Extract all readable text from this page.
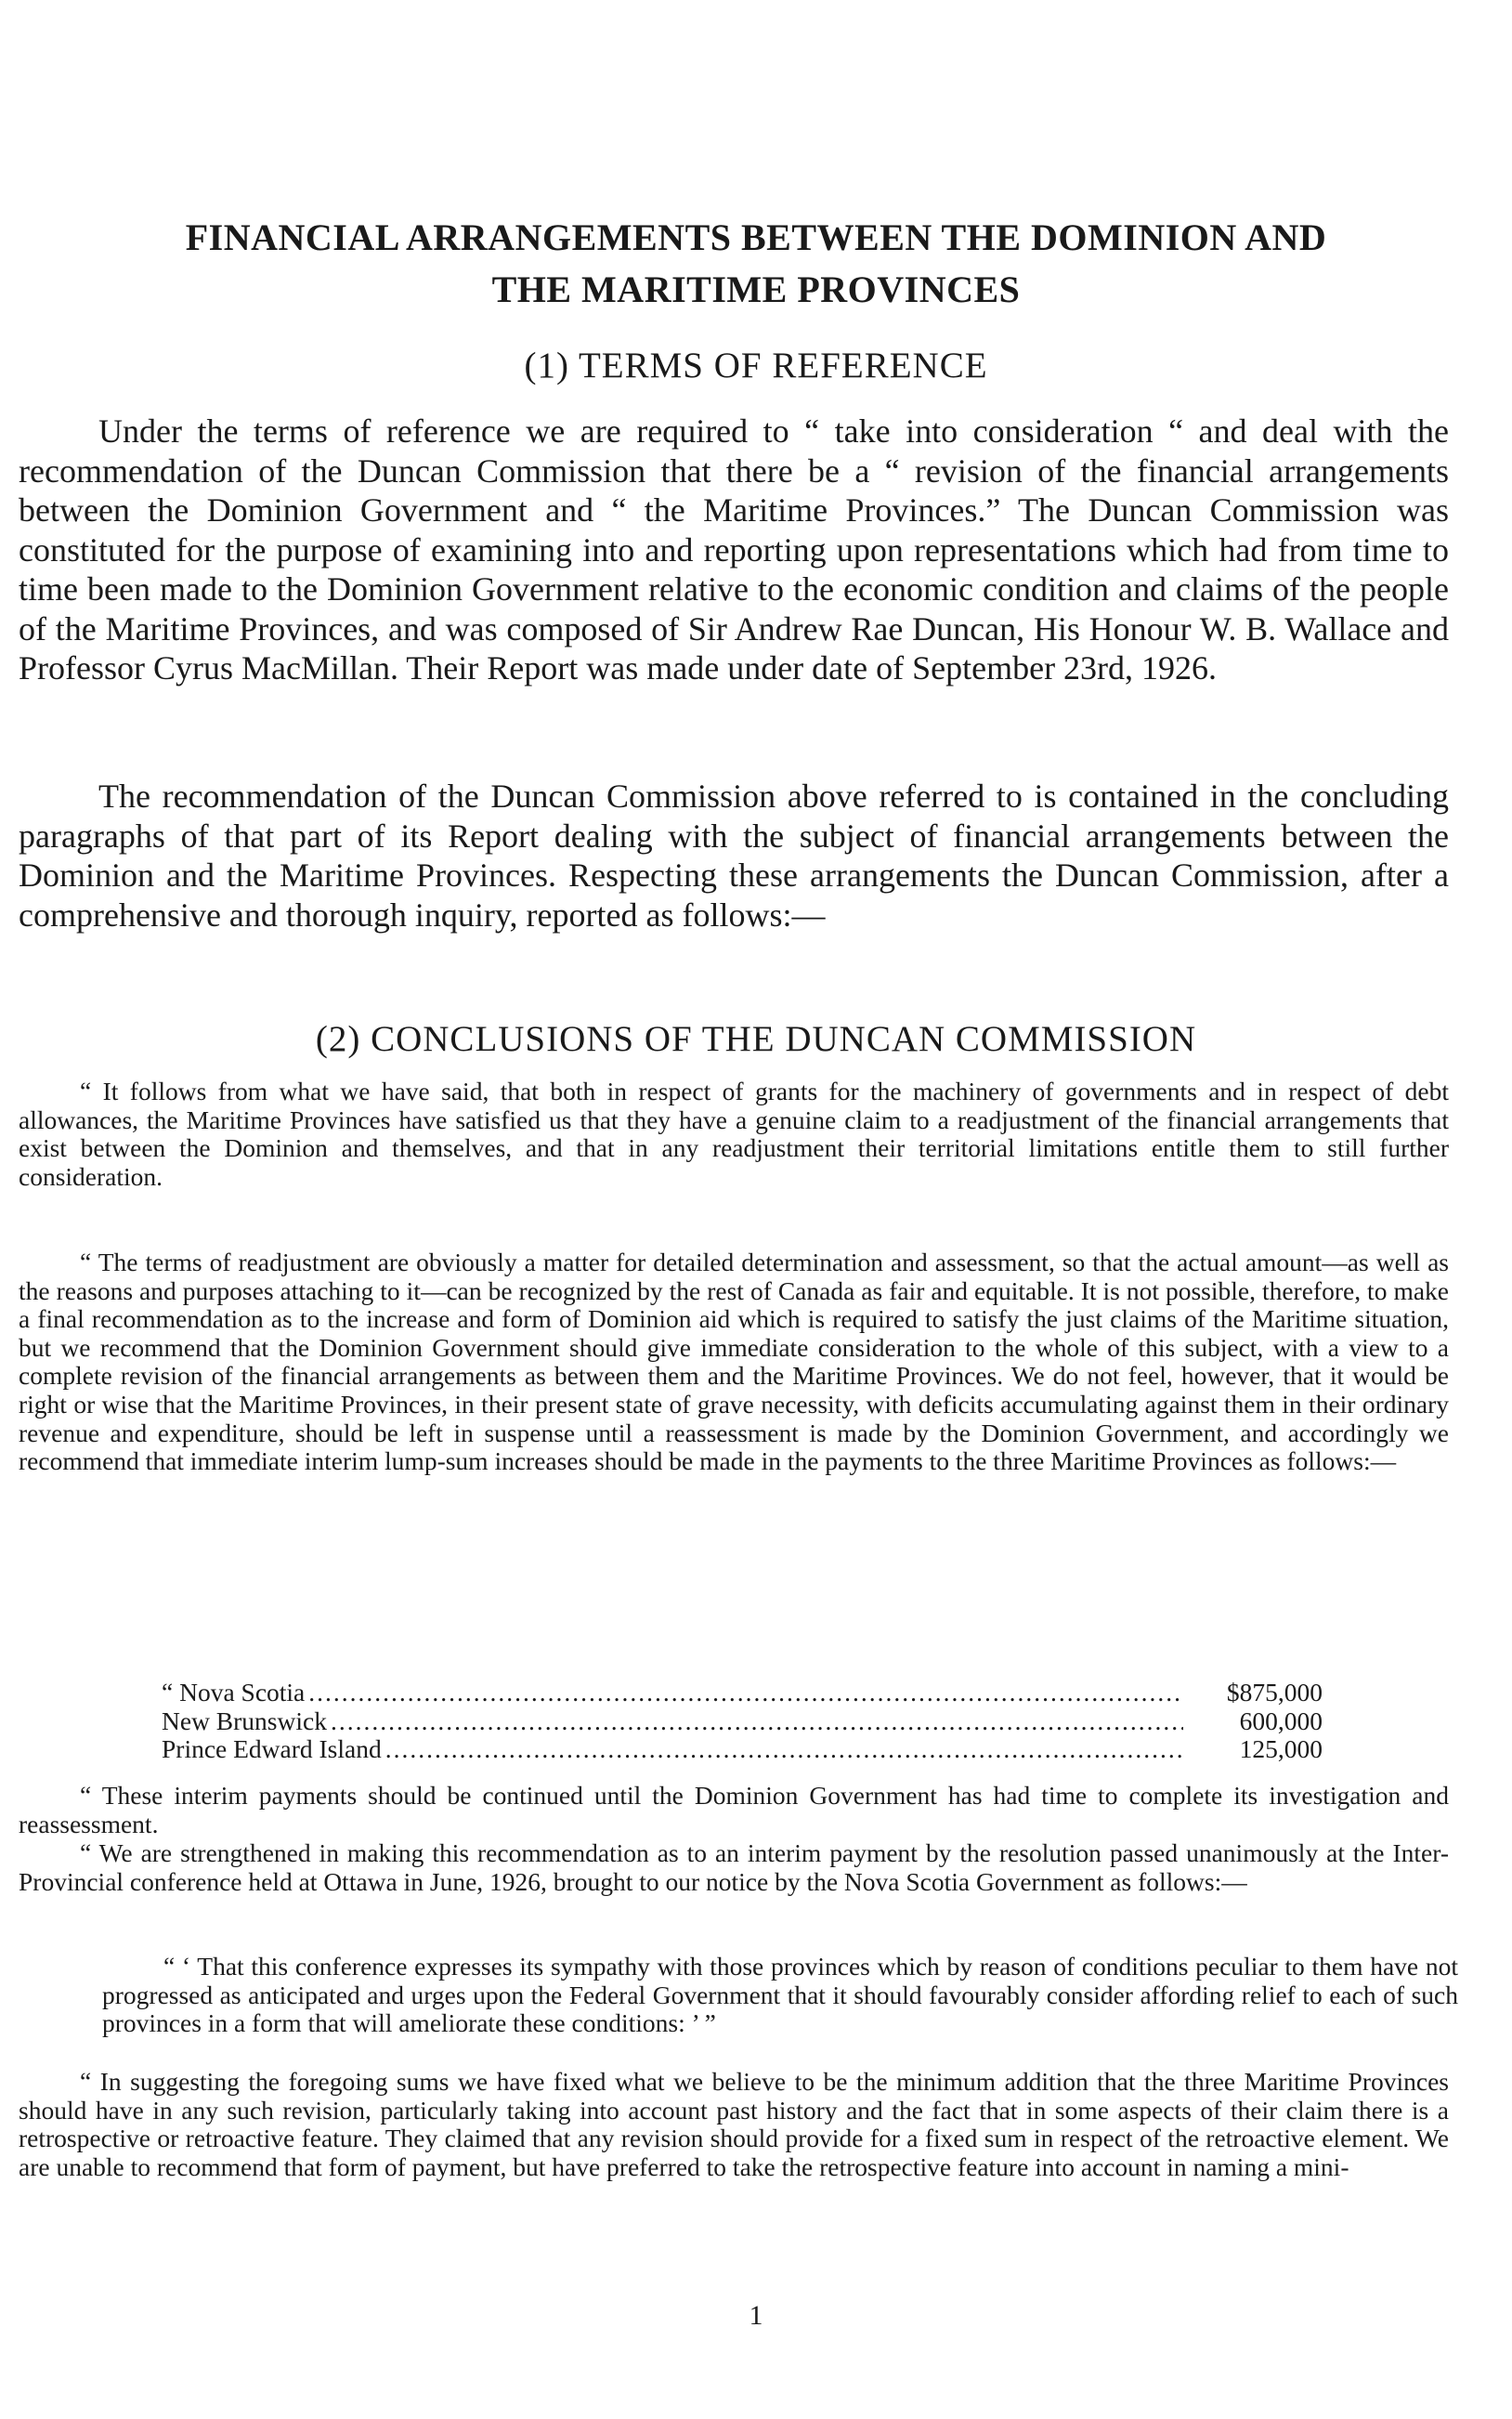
FINANCIAL ARRANGEMENTS BETWEEN THE DOMINION AND
THE MARITIME PROVINCES
(1) TERMS OF REFERENCE

Under the terms of reference we are required to “ take into consideration “ and deal with the recommendation of the Duncan Commission that there be a “ revision of the financial arrangements between the Dominion Government and “ the Maritime Provinces.” The Duncan Commission was constituted for the purpose of examining into and reporting upon representations which had from time to time been made to the Dominion Government relative to the economic condition and claims of the people of the Maritime Provinces, and was composed of Sir Andrew Rae Duncan, His Honour W. B. Wallace and Professor Cyrus MacMillan. Their Report was made under date of September 23rd, 1926.

The recommendation of the Duncan Commission above referred to is contained in the concluding paragraphs of that part of its Report dealing with the subject of financial arrangements between the Dominion and the Maritime Provinces. Respecting these arrangements the Duncan Commission, after a comprehensive and thorough inquiry, reported as follows:—

(2) CONCLUSIONS OF THE DUNCAN COMMISSION

“ It follows from what we have said, that both in respect of grants for the machinery of governments and in respect of debt allowances, the Maritime Provinces have satisfied us that they have a genuine claim to a readjustment of the financial arrangements that exist between the Dominion and themselves, and that in any readjustment their territorial limitations entitle them to still further consideration.

“ The terms of readjustment are obviously a matter for detailed determination and assessment, so that the actual amount—as well as the reasons and purposes attaching to it—can be recognized by the rest of Canada as fair and equitable. It is not possible, therefore, to make a final recommendation as to the increase and form of Dominion aid which is required to satisfy the just claims of the Maritime situation, but we recommend that the Dominion Government should give immediate consideration to the whole of this subject, with a view to a complete revision of the financial arrangements as between them and the Maritime Provinces. We do not feel, however, that it would be right or wise that the Maritime Provinces, in their present state of grave necessity, with deficits accumulating against them in their ordinary revenue and expenditure, should be left in suspense until a reassessment is made by the Dominion Government, and accordingly we recommend that immediate interim lump-sum increases should be made in the payments to the three Maritime Provinces as follows:—

“ Nova Scotia .....	$875,000
New Brunswick .....	600,000
Prince Edward Island .....	125,000

“ These interim payments should be continued until the Dominion Government has had time to complete its investigation and reassessment.

“ We are strengthened in making this recommendation as to an interim payment by the resolution passed unanimously at the Inter-Provincial conference held at Ottawa in June, 1926, brought to our notice by the Nova Scotia Government as follows:—

“ ‘ That this conference expresses its sympathy with those provinces which by reason of conditions peculiar to them have not progressed as anticipated and urges upon the Federal Government that it should favourably consider affording relief to each of such provinces in a form that will ameliorate these conditions: ’ ”

“ In suggesting the foregoing sums we have fixed what we believe to be the minimum addition that the three Maritime Provinces should have in any such revision, particularly taking into account past history and the fact that in some aspects of their claim there is a retrospective or retroactive feature. They claimed that any revision should provide for a fixed sum in respect of the retroactive element. We are unable to recommend that form of payment, but have preferred to take the retrospective feature into account in naming a mini-

1
